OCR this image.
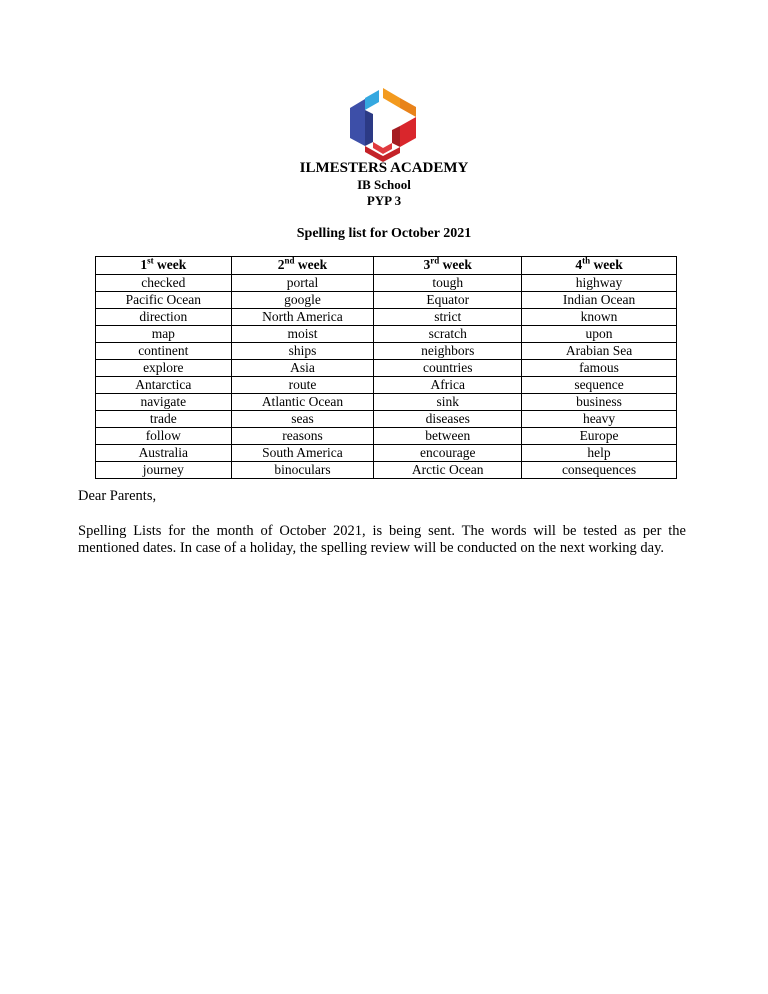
ILMESTERS ACADEMY
IB School
PYP 3
Spelling list for October 2021
1st week	2nd week	3rd week	4th week
checked	portal	tough	highway
Pacific Ocean	google	Equator	Indian Ocean
direction	North America	strict	known
map	moist	scratch	upon
continent	ships	neighbors	Arabian Sea
explore	Asia	countries	famous
Antarctica	route	Africa	sequence
navigate	Atlantic Ocean	sink	business
trade	seas	diseases	heavy
follow	reasons	between	Europe
Australia	South America	encourage	help
journey	binoculars	Arctic Ocean	consequences
Dear Parents,
Spelling Lists for the month of October 2021, is being sent. The words will be tested as per the mentioned dates. In case of a holiday, the spelling review will be conducted on the next working day.
